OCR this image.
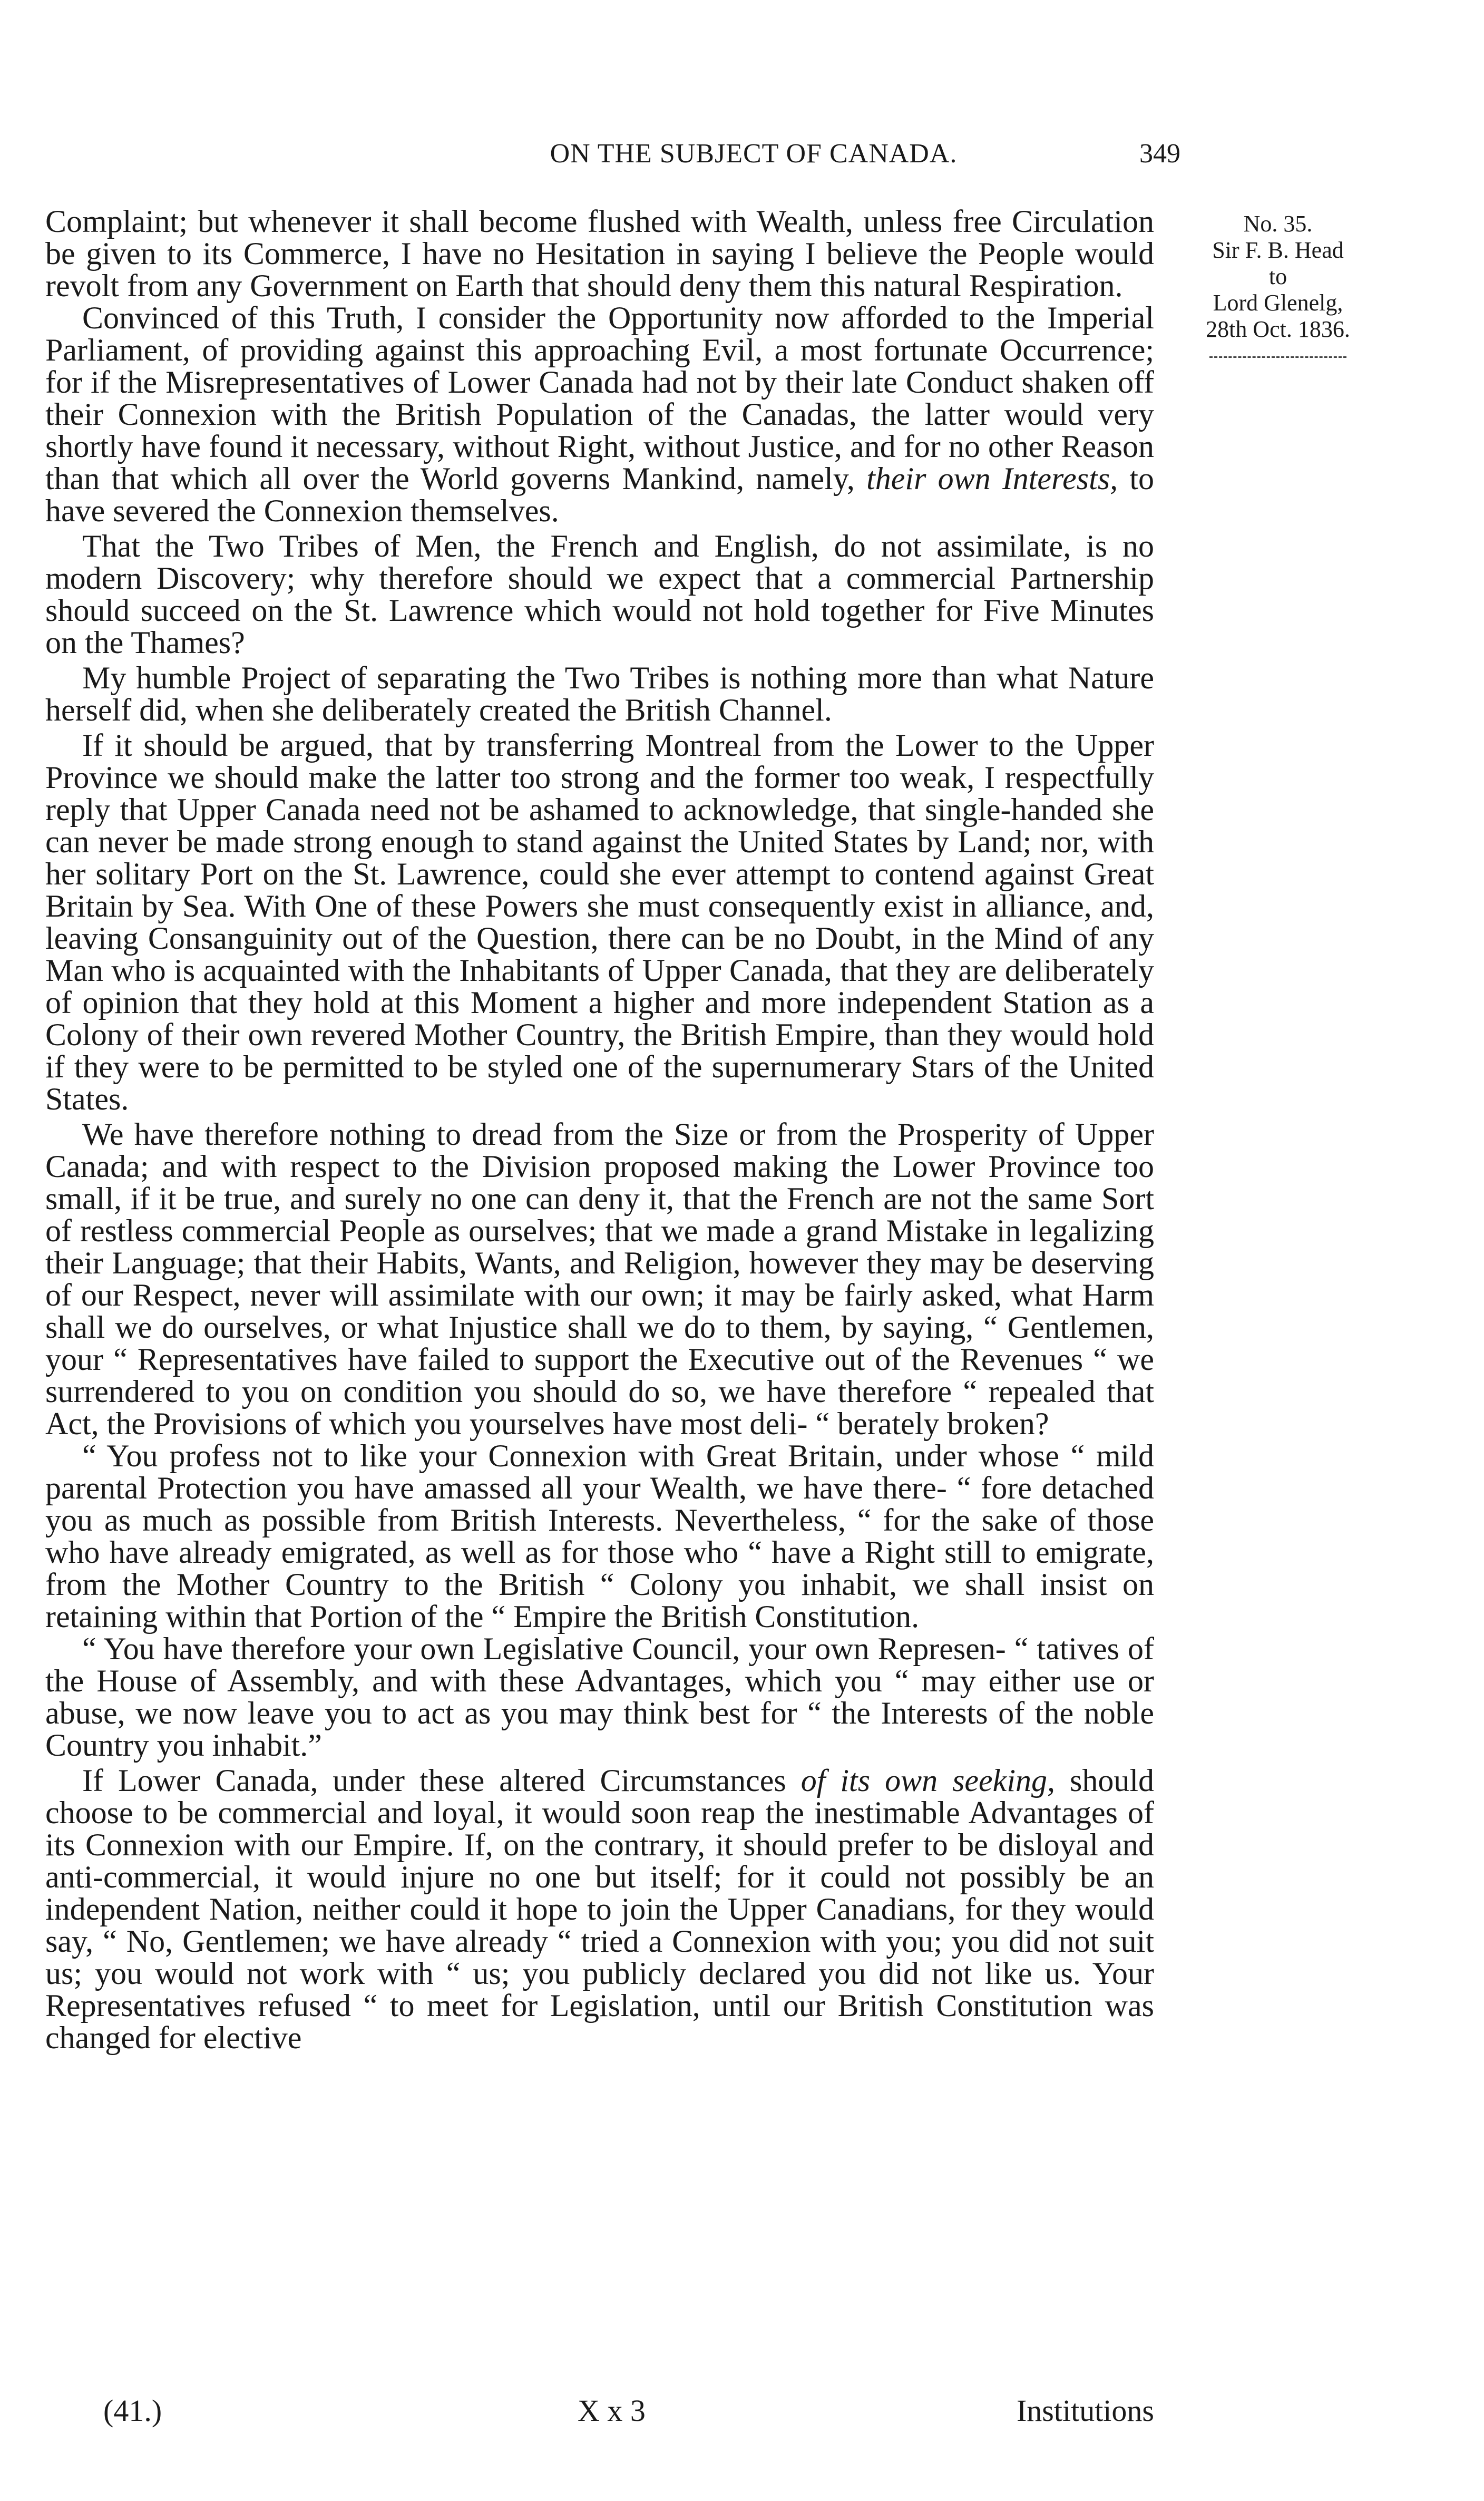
ON THE SUBJECT OF CANADA.	349
No. 35.
Sir F. B. Head
to
Lord Glenelg,
28th Oct. 1836.

Complaint; but whenever it shall become flushed with Wealth, unless free Circulation be given to its Commerce, I have no Hesitation in saying I believe the People would revolt from any Government on Earth that should deny them this natural Respiration.

Convinced of this Truth, I consider the Opportunity now afforded to the Imperial Parliament, of providing against this approaching Evil, a most fortunate Occurrence; for if the Misrepresentatives of Lower Canada had not by their late Conduct shaken off their Connexion with the British Population of the Canadas, the latter would very shortly have found it necessary, without Right, without Justice, and for no other Reason than that which all over the World governs Mankind, namely, their own Interests, to have severed the Connexion themselves.

That the Two Tribes of Men, the French and English, do not assimilate, is no modern Discovery; why therefore should we expect that a commercial Partnership should succeed on the St. Lawrence which would not hold together for Five Minutes on the Thames?

My humble Project of separating the Two Tribes is nothing more than what Nature herself did, when she deliberately created the British Channel.

If it should be argued, that by transferring Montreal from the Lower to the Upper Province we should make the latter too strong and the former too weak, I respectfully reply that Upper Canada need not be ashamed to acknowledge, that single-handed she can never be made strong enough to stand against the United States by Land; nor, with her solitary Port on the St. Lawrence, could she ever attempt to contend against Great Britain by Sea. With One of these Powers she must consequently exist in alliance, and, leaving Consanguinity out of the Question, there can be no Doubt, in the Mind of any Man who is acquainted with the Inhabitants of Upper Canada, that they are deliberately of opinion that they hold at this Moment a higher and more independent Station as a Colony of their own revered Mother Country, the British Empire, than they would hold if they were to be permitted to be styled one of the supernumerary Stars of the United States.

We have therefore nothing to dread from the Size or from the Prosperity of Upper Canada; and with respect to the Division proposed making the Lower Province too small, if it be true, and surely no one can deny it, that the French are not the same Sort of restless commercial People as ourselves; that we made a grand Mistake in legalizing their Language; that their Habits, Wants, and Religion, however they may be deserving of our Respect, never will assimilate with our own; it may be fairly asked, what Harm shall we do ourselves, or what Injustice shall we do to them, by saying, “ Gentlemen, your “ Representatives have failed to support the Executive out of the Revenues “ we surrendered to you on condition you should do so, we have therefore “ repealed that Act, the Provisions of which you yourselves have most deli- “ berately broken?

“ You profess not to like your Connexion with Great Britain, under whose “ mild parental Protection you have amassed all your Wealth, we have there- “ fore detached you as much as possible from British Interests. Nevertheless, “ for the sake of those who have already emigrated, as well as for those who “ have a Right still to emigrate, from the Mother Country to the British “ Colony you inhabit, we shall insist on retaining within that Portion of the “ Empire the British Constitution.

“ You have therefore your own Legislative Council, your own Represen- “ tatives of the House of Assembly, and with these Advantages, which you “ may either use or abuse, we now leave you to act as you may think best for “ the Interests of the noble Country you inhabit.”

If Lower Canada, under these altered Circumstances of its own seeking, should choose to be commercial and loyal, it would soon reap the inestimable Advantages of its Connexion with our Empire. If, on the contrary, it should prefer to be disloyal and anti-commercial, it would injure no one but itself; for it could not possibly be an independent Nation, neither could it hope to join the Upper Canadians, for they would say, “ No, Gentlemen; we have already “ tried a Connexion with you; you did not suit us; you would not work with “ us; you publicly declared you did not like us. Your Representatives refused “ to meet for Legislation, until our British Constitution was changed for elective

(41.)	X x 3	Institutions
